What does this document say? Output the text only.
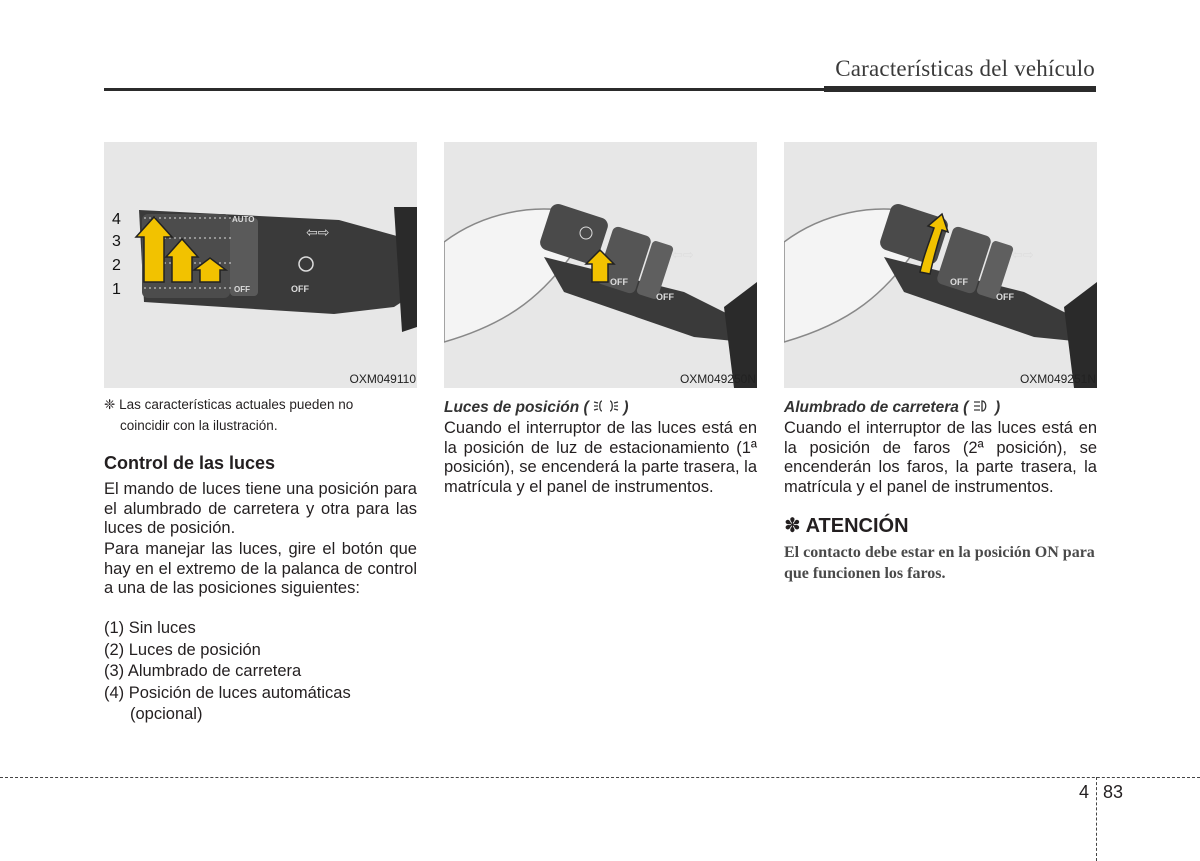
Características del vehículo
⇦⇨
OFF
AUTO
OFF
4
3
2
1
OXM049110
⇦⇨
OFF
OFF
OXM049250N
⇦⇨
OFF
OFF
OXM049251N
❈ Las características actuales pueden no
coincidir con la ilustración.
Control de las luces
El mando de luces tiene una posición para el alumbrado de carretera y otra para las luces de posición.
Para manejar las luces, gire el botón que hay en el extremo de la palanca de control a una de las posiciones siguientes:
(1) Sin luces
(2) Luces de posición
(3) Alumbrado de carretera
(4) Posición de luces automáticas
(opcional)
Luces de posición ( )
Cuando el interruptor de las luces está en la posición de luz de estacionamiento (1ª posición), se encenderá la parte trasera, la matrícula y el panel de instrumentos.
Alumbrado de carretera ( )
Cuando el interruptor de las luces está en la posición de faros (2ª posición), se encenderán los faros, la parte trasera, la matrícula y el panel de instrumentos.
✽ ATENCIÓN
El contacto debe estar en la posición ON para que funcionen los faros.
4 83
